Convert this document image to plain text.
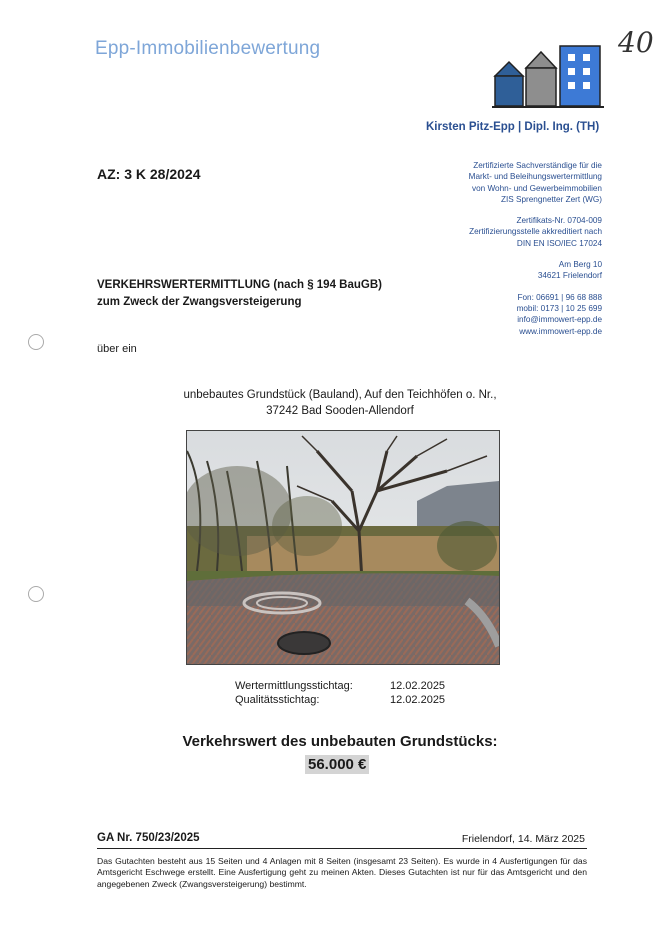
Epp-Immobilienbewertung	40
Kirsten Pitz-Epp | Dipl. Ing. (TH)
AZ: 3 K 28/2024
Zertifizierte Sachverständige für die
Markt- und Beleihungswertermittlung
von Wohn- und Gewerbeimmobilien
ZIS Sprengnetter Zert (WG)
Zertifikats-Nr. 0704-009
Zertifizierungsstelle akkreditiert nach
DIN EN ISO/IEC 17024
Am Berg 10
34621 Frielendorf
Fon: 06691 | 96 68 888
mobil: 0173 | 10 25 699
info@immowert-epp.de
www.immowert-epp.de
VERKEHRSWERTERMITTLUNG (nach § 194 BauGB)
zum Zweck der Zwangsversteigerung
über ein
unbebautes Grundstück (Bauland), Auf den Teichhöfen o. Nr.,
37242 Bad Sooden-Allendorf
Wertermittlungsstichtag:	12.02.2025
Qualitätsstichtag:	12.02.2025
Verkehrswert des unbebauten Grundstücks:
56.000 €
GA Nr. 750/23/2025	Frielendorf, 14. März 2025
Das Gutachten besteht aus 15 Seiten und 4 Anlagen mit 8 Seiten (insgesamt 23 Seiten). Es wurde in 4 Ausfertigungen für das Amtsgericht Eschwege erstellt. Eine Ausfertigung geht zu meinen Akten. Dieses Gutachten ist nur für das Amtsgericht und den angegebenen Zweck (Zwangsversteigerung) bestimmt.
